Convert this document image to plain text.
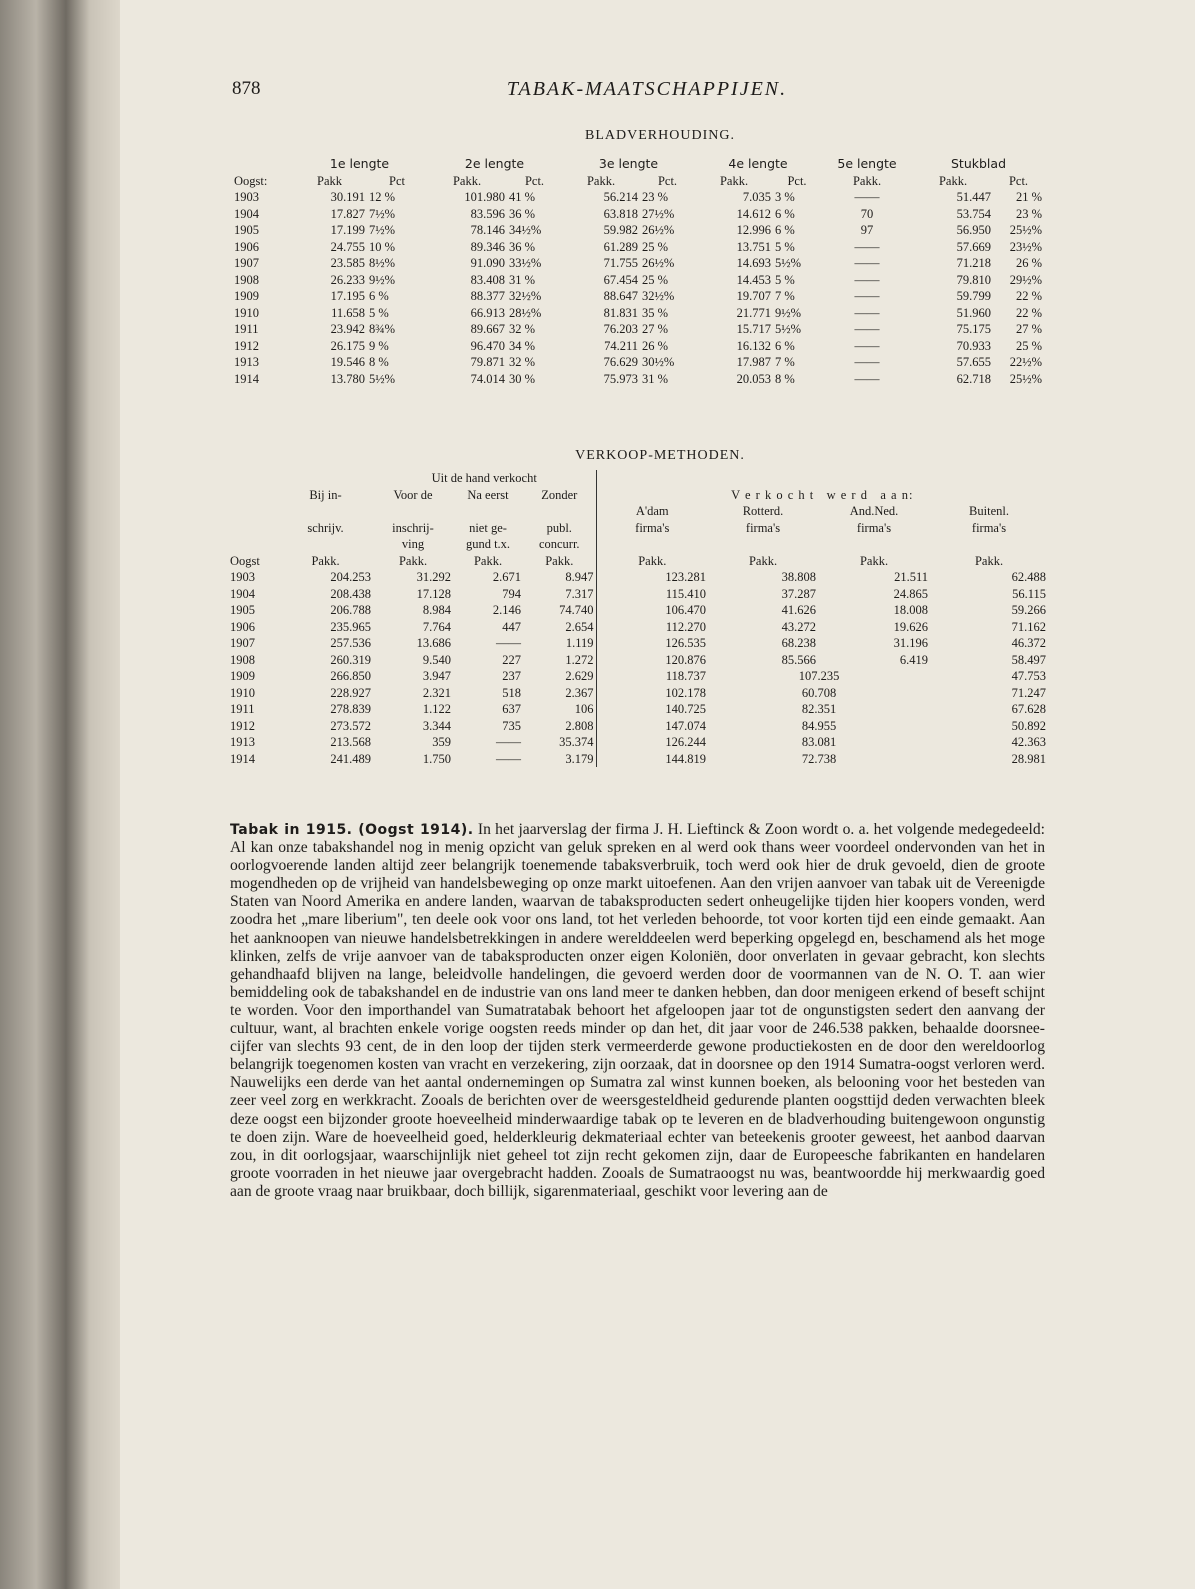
878	TABAK-MAATSCHAPPIJEN.
BLADVERHOUDING.
	1e lengte		2e lengte		3e lengte		4e lengte		5e lengte	Stukblad	
Oogst:	Pakk	Pct	Pakk.	Pct.	Pakk.	Pct.	Pakk.	Pct.	Pakk.	Pakk.	Pct.
1903	30.191	12 %	101.980	41 %	56.214	23 %	7.035	3 %	——	51.447	21 %
1904	17.827	7½%	83.596	36 %	63.818	27½%	14.612	6 %	70	53.754	23 %
1905	17.199	7½%	78.146	34½%	59.982	26½%	12.996	6 %	97	56.950	25½%
1906	24.755	10 %	89.346	36 %	61.289	25 %	13.751	5 %	——	57.669	23½%
1907	23.585	8½%	91.090	33½%	71.755	26½%	14.693	5½%	——	71.218	26 %
1908	26.233	9½%	83.408	31 %	67.454	25 %	14.453	5 %	——	79.810	29½%
1909	17.195	6 %	88.377	32½%	88.647	32½%	19.707	7 %	——	59.799	22 %
1910	11.658	5 %	66.913	28½%	81.831	35 %	21.771	9½%	——	51.960	22 %
1911	23.942	8¾%	89.667	32 %	76.203	27 %	15.717	5½%	——	75.175	27 %
1912	26.175	9 %	96.470	34 %	74.211	26 %	16.132	6 %	——	70.933	25 %
1913	19.546	8 %	79.871	32 %	76.629	30½%	17.987	7 %	——	57.655	22½%
1914	13.780	5½%	74.014	30 %	75.973	31 %	20.053	8 %	——	62.718	25½%
VERKOOP-METHODEN.
		Uit de hand verkocht						
	Bij in-	Voor de	Na eerst	Zonder	V e r k o c h t   w e r d   a a n:			
					A'dam	Rotterd.	And.Ned.	Buitenl.
	schrijv.	inschrij-	niet ge-	publ.	firma's	firma's	firma's	firma's
		ving	gund t.x.	concurr.				
Oogst	Pakk.	Pakk.	Pakk.	Pakk.	Pakk.	Pakk.	Pakk.	Pakk.
1903	204.253	31.292	2.671	8.947	123.281	38.808	21.511	62.488
1904	208.438	17.128	794	7.317	115.410	37.287	24.865	56.115
1905	206.788	8.984	2.146	74.740	106.470	41.626	18.008	59.266
1906	235.965	7.764	447	2.654	112.270	43.272	19.626	71.162
1907	257.536	13.686	——	1.119	126.535	68.238	31.196	46.372
1908	260.319	9.540	227	1.272	120.876	85.566	6.419	58.497
1909	266.850	3.947	237	2.629	118.737	107.235		47.753
1910	228.927	2.321	518	2.367	102.178	60.708		71.247
1911	278.839	1.122	637	106	140.725	82.351		67.628
1912	273.572	3.344	735	2.808	147.074	84.955		50.892
1913	213.568	359	——	35.374	126.244	83.081		42.363
1914	241.489	1.750	——	3.179	144.819	72.738		28.981
Tabak in 1915. (Oogst 1914). In het jaarverslag der firma J. H. Lieftinck & Zoon wordt o. a. het volgende medegedeeld: Al kan onze tabakshandel nog in menig opzicht van geluk spreken en al werd ook thans weer voordeel ondervonden van het in oorlogvoerende landen altijd zeer belangrijk toenemende tabaksverbruik, toch werd ook hier de druk gevoeld, dien de groote mogendheden op de vrijheid van handelsbeweging op onze markt uitoefenen. Aan den vrijen aanvoer van tabak uit de Vereenigde Staten van Noord Amerika en andere landen, waarvan de tabaksproducten sedert onheugelijke tijden hier koopers vonden, werd zoodra het „mare liberium", ten deele ook voor ons land, tot het verleden behoorde, tot voor korten tijd een einde gemaakt. Aan het aanknoopen van nieuwe handelsbetrekkingen in andere werelddeelen werd beperking opgelegd en, beschamend als het moge klinken, zelfs de vrije aanvoer van de tabaksproducten onzer eigen Koloniën, door onverlaten in gevaar gebracht, kon slechts gehandhaafd blijven na lange, beleidvolle handelingen, die gevoerd werden door de voormannen van de N. O. T. aan wier bemiddeling ook de tabakshandel en de industrie van ons land meer te danken hebben, dan door menigeen erkend of beseft schijnt te worden. Voor den importhandel van Sumatratabak behoort het afgeloopen jaar tot de ongunstigsten sedert den aanvang der cultuur, want, al brachten enkele vorige oogsten reeds minder op dan het, dit jaar voor de 246.538 pakken, behaalde doorsnee-cijfer van slechts 93 cent, de in den loop der tijden sterk vermeerderde gewone productiekosten en de door den wereldoorlog belangrijk toegenomen kosten van vracht en verzekering, zijn oorzaak, dat in doorsnee op den 1914 Sumatra-oogst verloren werd. Nauwelijks een derde van het aantal ondernemingen op Sumatra zal winst kunnen boeken, als belooning voor het besteden van zeer veel zorg en werkkracht. Zooals de berichten over de weersgesteldheid gedurende planten oogsttijd deden verwachten bleek deze oogst een bijzonder groote hoeveelheid minderwaardige tabak op te leveren en de bladverhouding buitengewoon ongunstig te doen zijn. Ware de hoeveelheid goed, helderkleurig dekmateriaal echter van beteekenis grooter geweest, het aanbod daarvan zou, in dit oorlogsjaar, waarschijnlijk niet geheel tot zijn recht gekomen zijn, daar de Europeesche fabrikanten en handelaren groote voorraden in het nieuwe jaar overgebracht hadden. Zooals de Sumatraoogst nu was, beantwoordde hij merkwaardig goed aan de groote vraag naar bruikbaar, doch billijk, sigarenmateriaal, geschikt voor levering aan de
